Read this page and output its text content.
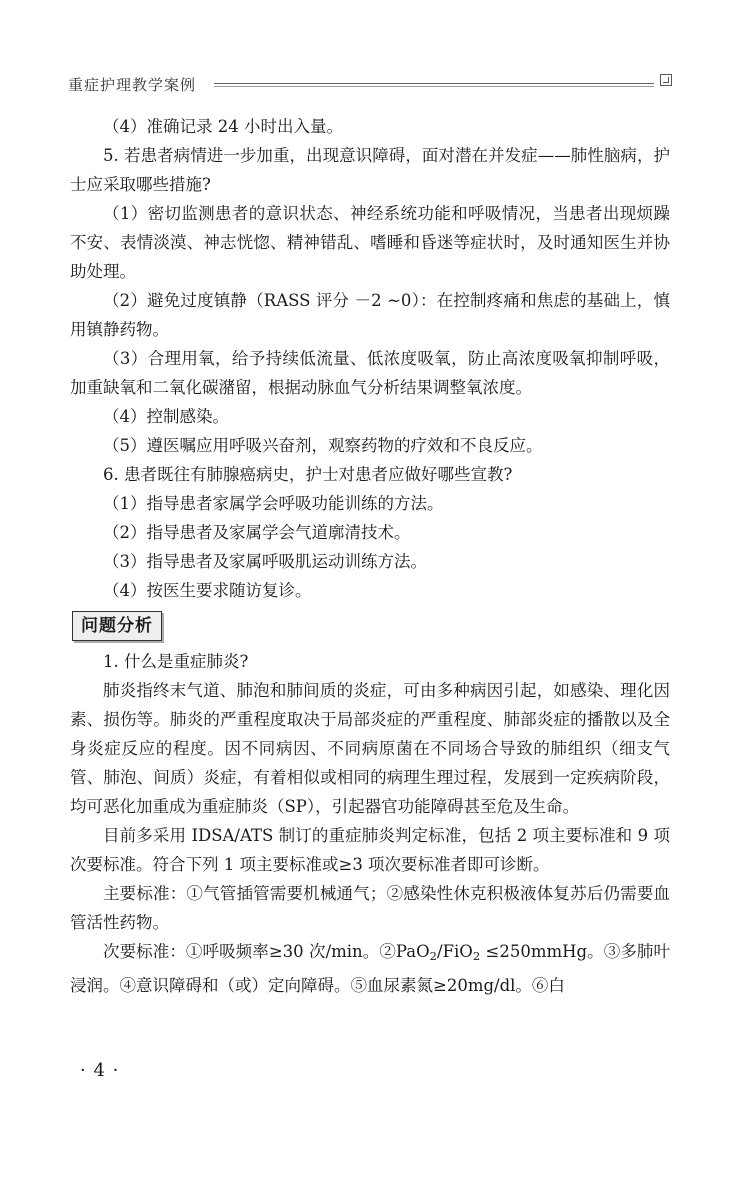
重症护理教学案例

（4）准确记录 24 小时出入量。

5. 若患者病情进一步加重，出现意识障碍，面对潜在并发症——肺性脑病，护士应采取哪些措施?

（1）密切监测患者的意识状态、神经系统功能和呼吸情况，当患者出现烦躁不安、表情淡漠、神志恍惚、精神错乱、嗜睡和昏迷等症状时，及时通知医生并协助处理。

（2）避免过度镇静（RASS 评分 －2 ~0）：在控制疼痛和焦虑的基础上，慎用镇静药物。

（3）合理用氧，给予持续低流量、低浓度吸氧，防止高浓度吸氧抑制呼吸，加重缺氧和二氧化碳潴留，根据动脉血气分析结果调整氧浓度。

（4）控制感染。

（5）遵医嘱应用呼吸兴奋剂，观察药物的疗效和不良反应。

6. 患者既往有肺腺癌病史，护士对患者应做好哪些宣教?

（1）指导患者家属学会呼吸功能训练的方法。

（2）指导患者及家属学会气道廓清技术。

（3）指导患者及家属呼吸肌运动训练方法。

（4）按医生要求随访复诊。

问题分析

1. 什么是重症肺炎?

肺炎指终末气道、肺泡和肺间质的炎症，可由多种病因引起，如感染、理化因素、损伤等。肺炎的严重程度取决于局部炎症的严重程度、肺部炎症的播散以及全身炎症反应的程度。因不同病因、不同病原菌在不同场合导致的肺组织（细支气管、肺泡、间质）炎症，有着相似或相同的病理生理过程，发展到一定疾病阶段，均可恶化加重成为重症肺炎（SP），引起器官功能障碍甚至危及生命。

目前多采用 IDSA/ATS 制订的重症肺炎判定标准，包括 2 项主要标准和 9 项次要标准。符合下列 1 项主要标准或≥3 项次要标准者即可诊断。

主要标准：①气管插管需要机械通气；②感染性休克积极液体复苏后仍需要血管活性药物。

次要标准：①呼吸频率≥30 次/min。②PaO$_2$/FiO$_2$ ≤250mmHg。③多肺叶浸润。④意识障碍和（或）定向障碍。⑤血尿素氮≥20mg/dl。⑥白

· 4 ·
